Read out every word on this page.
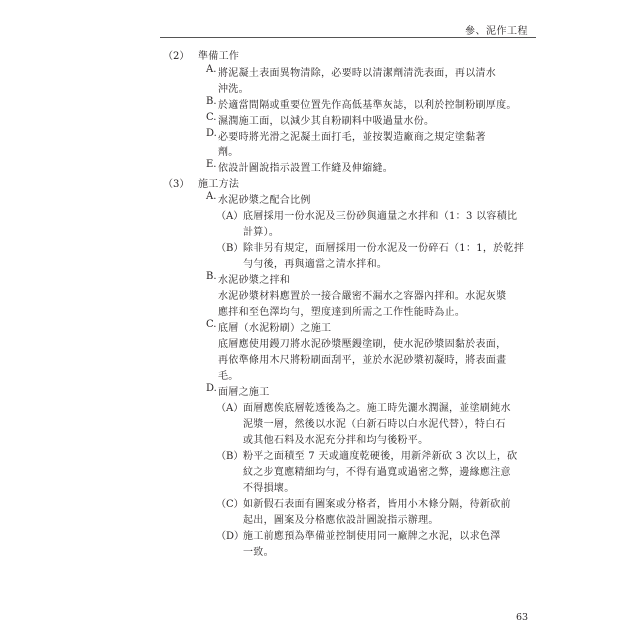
參、泥作工程
（2） 準備工作
A. 將泥凝土表面異物清除，必要時以清潔劑清洗表面，再以清水
沖洗。
B. 於適當間隔或重要位置先作高低基準灰誌，以利於控制粉刷厚度。
C. 濕潤施工面，以減少其自粉刷料中吸過量水份。
D. 必要時將光滑之泥凝土面打毛，並按製造廠商之規定塗黏著
劑。
E. 依設計圖說指示設置工作縫及伸縮縫。
（3） 施工方法
A. 水泥砂漿之配合比例
（A） 底層採用一份水泥及三份砂與適量之水拌和（1：3 以容積比
計算）。
（B） 除非另有規定，面層採用一份水泥及一份碎石（1：1，於乾拌
勻勻後，再與適當之清水拌和。
B. 水泥砂漿之拌和
水泥砂漿材料應置於一接合嚴密不漏水之容器內拌和。水泥灰漿
應拌和至色澤均勻，塑度達到所需之工作性能時為止。
C. 底層（水泥粉刷）之施工
底層應使用鏝刀將水泥砂漿壓鏝塗刷，使水泥砂漿固黏於表面，
再依準條用木尺將粉刷面刮平，並於水泥砂漿初凝時，將表面畫
毛。
D. 面層之施工
（A） 面層應俟底層乾透後為之。施工時先灑水潤濕，並塗刷純水
泥漿一層，然後以水泥（白新石時以白水泥代替），特白石
或其他石料及水泥充分拌和均勻後粉平。
（B） 粉平之面積至 7 天或適度乾硬後，用新斧新砍 3 次以上，砍
紋之步寬應精細均勻，不得有過寬或過密之弊，邊緣應注意
不得損壞。
（C） 如新假石表面有圖案或分格者，皆用小木條分隔，待新砍前
起出，圖案及分格應依設計圖說指示辦理。
（D）
施工前應預為準備並控制使用同一廠牌之水泥，以求色澤
一致。
63
